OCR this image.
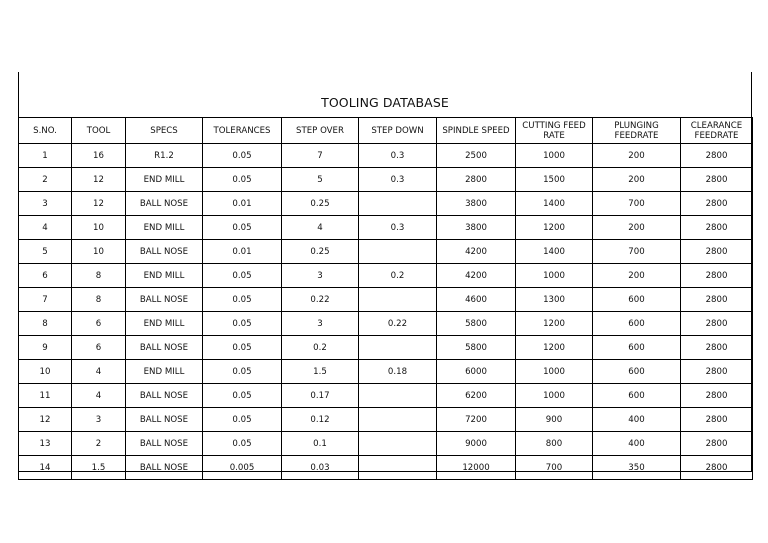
TOOLING DATABASE
S.NO.	TOOL	SPECS	TOLERANCES	STEP OVER	STEP DOWN	SPINDLE SPEED	CUTTING FEED RATE	PLUNGING FEEDRATE	CLEARANCE FEEDRATE
1	16	R1.2	0.05	7	0.3	2500	1000	200	2800
2	12	END MILL	0.05	5	0.3	2800	1500	200	2800
3	12	BALL NOSE	0.01	0.25		3800	1400	700	2800
4	10	END MILL	0.05	4	0.3	3800	1200	200	2800
5	10	BALL NOSE	0.01	0.25		4200	1400	700	2800
6	8	END MILL	0.05	3	0.2	4200	1000	200	2800
7	8	BALL NOSE	0.05	0.22		4600	1300	600	2800
8	6	END MILL	0.05	3	0.22	5800	1200	600	2800
9	6	BALL NOSE	0.05	0.2		5800	1200	600	2800
10	4	END MILL	0.05	1.5	0.18	6000	1000	600	2800
11	4	BALL NOSE	0.05	0.17		6200	1000	600	2800
12	3	BALL NOSE	0.05	0.12		7200	900	400	2800
13	2	BALL NOSE	0.05	0.1		9000	800	400	2800
14	1.5	BALL NOSE	0.005	0.03		12000	700	350	2800
